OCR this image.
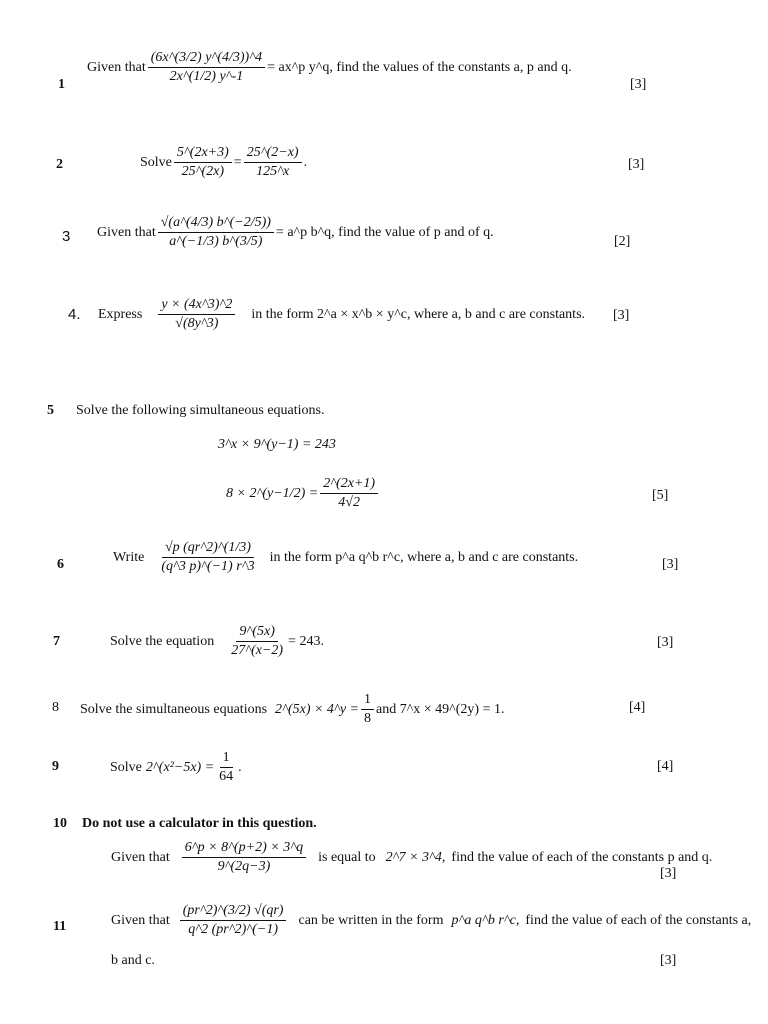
1
Given that $\frac{(6x\^{}(3/2) y\^{}(4/3))\^{}4}{2x\^{}(1/2) y\^{}-1}$ = ax^p y^q, find the values of the constants a, p and q.
[3]
2	Solve $\frac{5\^{}(2x+3)}{25\^{}(2x)} = \frac{25\^{}(2-x)}{125\^{}x}$ .	[3]
3 Given that $\frac{√(a\^{}(4/3) b\^{}(-2/5))}{a\^{}(-1/3) b\^{}(3/5)}$ = a^p b^q, find the value of p and of q.
[2]
4. Express $\frac{y \times (4x\^{}3)\^{}2}{√(8y\^{}3)}$ in the form 2^a × x^b × y^c, where a, b and c are constants. [3]
5 Solve the following simultaneous equations.
3^x × 9^(y−1) = 243
8 × 2^(y−1/2) = $\frac{2\^{}(2x+1)}{4√2}$	[5]
6	Write $\frac{√p (qr\^{}2)\^{}(1/3)}{(q\^{}3 p)\^{}(-1) r\^{}3}$ in the form p^a q^b r^c, where a, b and c are constants.	[3]
7	Solve the equation $\frac{9\^{}(5x)}{27\^{}(x-2)} = 243$.	[3]
8 Solve the simultaneous equations 2^(5x) × 4^y = $\frac{1}{8}$ and 7^x × 49^(2y) = 1.	[4]
9	Solve 2^(x²−5x) = $\frac{1}{64}$ .	[4]
10 Do not use a calculator in this question.
Given that $\frac{6\^{}p \times 8\^{}(p+2) \times 3\^{}q}{9\^{}(2q-3)}$ is equal to 2^7 × 3^4, find the value of each of the constants p and q.
[3]
11	Given that $\frac{(pr\^{}2)\^{}(3/2) √(qr)}{q\^{}2 (pr\^{}2)\^{}(-1)}$ can be written in the form p^a q^b r^c, find the value of each of the constants a,
b and c.	[3]
